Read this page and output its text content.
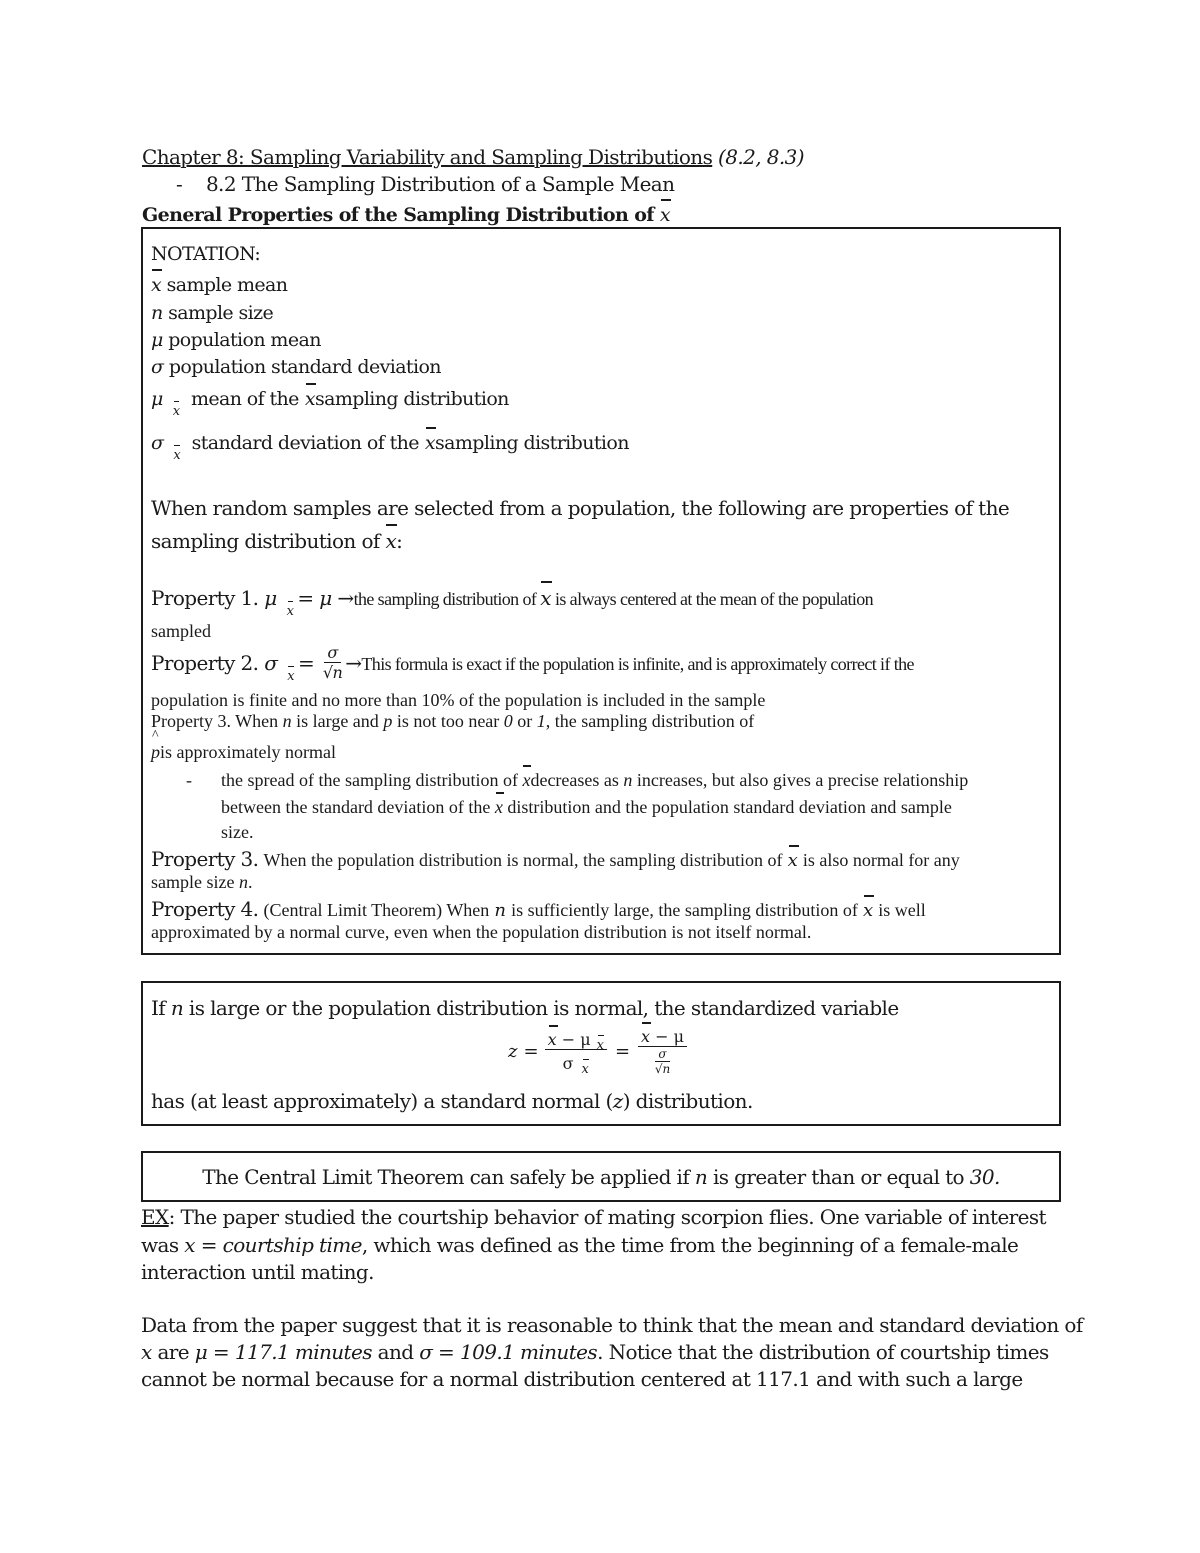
Chapter 8: Sampling Variability and Sampling Distributions (8.2, 8.3)
- 8.2 The Sampling Distribution of a Sample Mean
General Properties of the Sampling Distribution of x
NOTATION:
x sample mean
n sample size
μ population mean
σ population standard deviation
μx mean of the xsampling distribution
σx standard deviation of the xsampling distribution
When random samples are selected from a population, the following are properties of the
sampling distribution of x:
Property 1. μx= μ →the sampling distribution of x is always centered at the mean of the population
sampled
Property 2. $\sigma x= \frac{\sigma}{√n}$ →This formula is exact if the population is infinite, and is approximately correct if the
population is finite and no more than 10% of the population is included in the sample
Property 3. When n is large and p is not too near 0 or 1, the sampling distribution of
^ pis approximately normal
- the spread of the sampling distribution of xdecreases as n increases, but also gives a precise relationship
between the standard deviation of the x distribution and the population standard deviation and sample
size.
Property 3. When the population distribution is normal, the sampling distribution of x is also normal for any
sample size n.
Property 4. (Central Limit Theorem) When n is sufficiently large, the sampling distribution of x is well
approximated by a normal curve, even when the population distribution is not itself normal.
If n is large or the population distribution is normal, the standardized variable
$z = \frac{\text{x − μ x}}{\text{σ x}} = \frac{x - \mu}{\frac{\sigma}{√n}}$
has (at least approximately) a standard normal (z) distribution.
The Central Limit Theorem can safely be applied if n is greater than or equal to 30.
EX: The paper studied the courtship behavior of mating scorpion flies. One variable of interest
was x = courtship time, which was defined as the time from the beginning of a female-male
interaction until mating.
Data from the paper suggest that it is reasonable to think that the mean and standard deviation of
x are μ = 117.1 minutes and σ = 109.1 minutes. Notice that the distribution of courtship times
cannot be normal because for a normal distribution centered at 117.1 and with such a large
